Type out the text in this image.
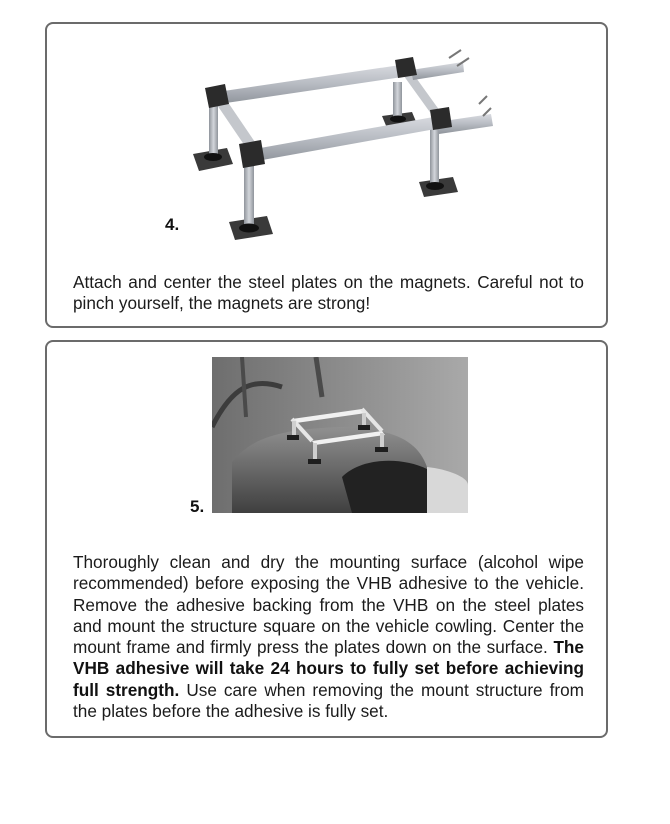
4.
Attach and center the steel plates on the magnets. Careful not to pinch yourself, the magnets are strong!
5.
Thoroughly clean and dry the mounting surface (alcohol wipe recommended) before exposing the VHB adhesive to the vehicle. Remove the adhesive backing from the VHB on the steel plates and mount the structure square on the vehicle cowling. Center the mount frame and firmly press the plates down on the surface. The VHB adhesive will take 24 hours to fully set before achieving full strength. Use care when removing the mount structure from the plates before the adhesive is fully set.
